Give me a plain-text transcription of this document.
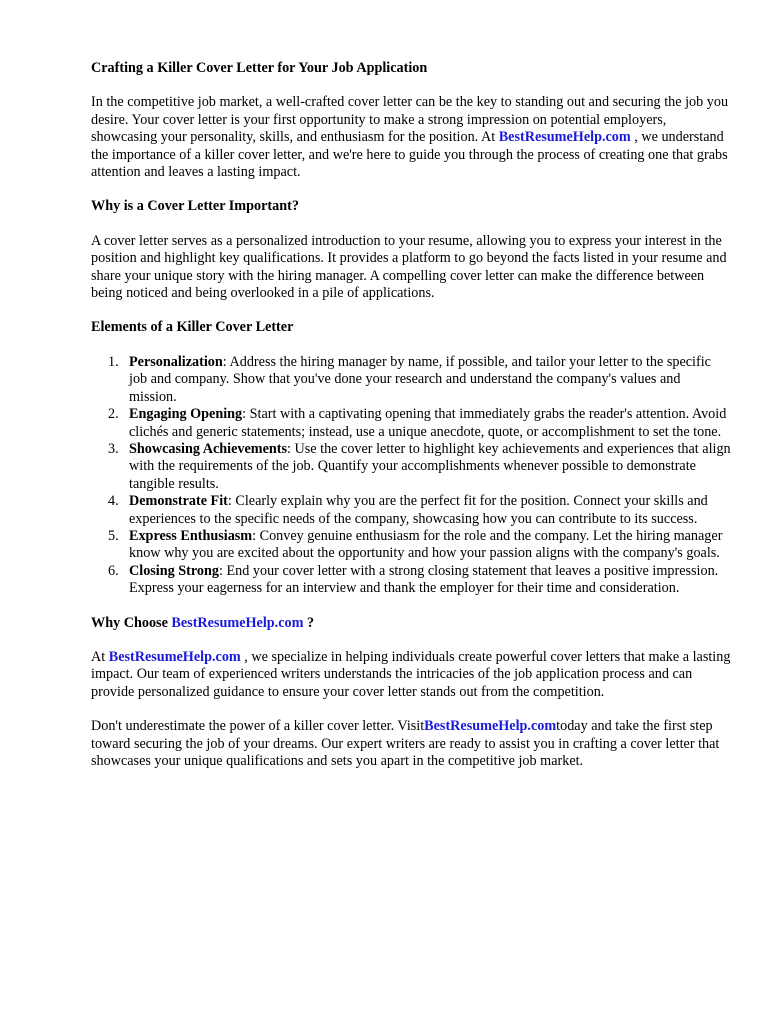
Crafting a Killer Cover Letter for Your Job Application

In the competitive job market, a well-crafted cover letter can be the key to standing out and securing the job you desire. Your cover letter is your first opportunity to make a strong impression on potential employers, showcasing your personality, skills, and enthusiasm for the position. At BestResumeHelp.com , we understand the importance of a killer cover letter, and we're here to guide you through the process of creating one that grabs attention and leaves a lasting impact.

Why is a Cover Letter Important?

A cover letter serves as a personalized introduction to your resume, allowing you to express your interest in the position and highlight key qualifications. It provides a platform to go beyond the facts listed in your resume and share your unique story with the hiring manager. A compelling cover letter can make the difference between being noticed and being overlooked in a pile of applications.

Elements of a Killer Cover Letter
1. Personalization: Address the hiring manager by name, if possible, and tailor your letter to the specific job and company. Show that you've done your research and understand the company's values and mission.
2. Engaging Opening: Start with a captivating opening that immediately grabs the reader's attention. Avoid clichés and generic statements; instead, use a unique anecdote, quote, or accomplishment to set the tone.
3. Showcasing Achievements: Use the cover letter to highlight key achievements and experiences that align with the requirements of the job. Quantify your accomplishments whenever possible to demonstrate tangible results.
4. Demonstrate Fit: Clearly explain why you are the perfect fit for the position. Connect your skills and experiences to the specific needs of the company, showcasing how you can contribute to its success.
5. Express Enthusiasm: Convey genuine enthusiasm for the role and the company. Let the hiring manager know why you are excited about the opportunity and how your passion aligns with the company's goals.
6. Closing Strong: End your cover letter with a strong closing statement that leaves a positive impression. Express your eagerness for an interview and thank the employer for their time and consideration.
Why Choose BestResumeHelp.com ?

At BestResumeHelp.com , we specialize in helping individuals create powerful cover letters that make a lasting impact. Our team of experienced writers understands the intricacies of the job application process and can provide personalized guidance to ensure your cover letter stands out from the competition.

Don't underestimate the power of a killer cover letter. VisitBestResumeHelp.comtoday and take the first step toward securing the job of your dreams. Our expert writers are ready to assist you in crafting a cover letter that showcases your unique qualifications and sets you apart in the competitive job market.
